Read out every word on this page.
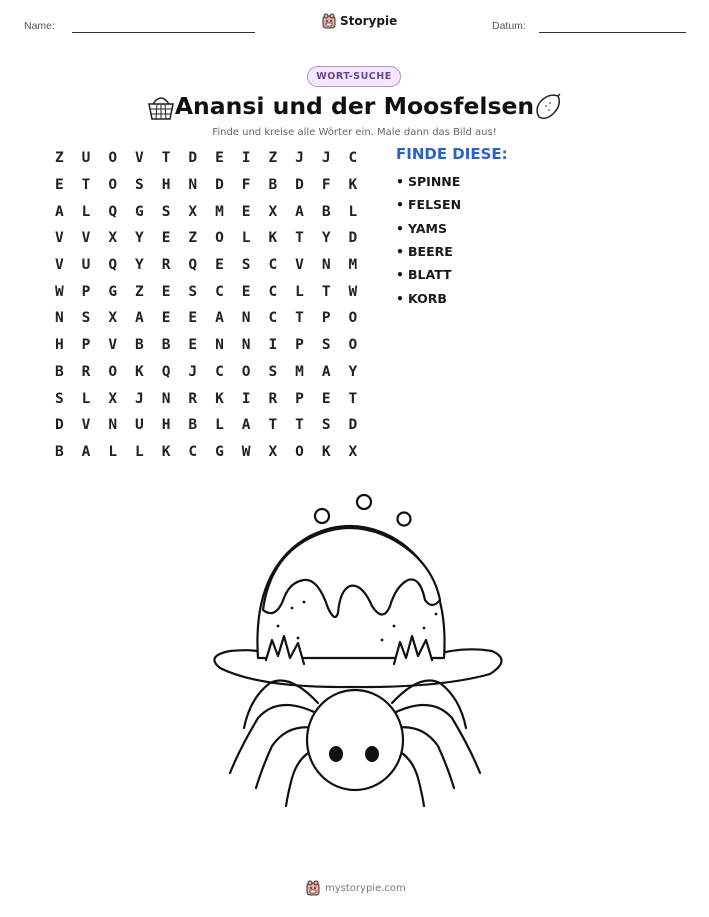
Name:	Storypie	Datum:
WORT-SUCHE
Anansi und der Moosfelsen
Finde und kreise alle Wörter ein. Male dann das Bild aus!
Z	U	O	V	T	D	E	I	Z	J	J	C
E	T	O	S	H	N	D	F	B	D	F	K
A	L	Q	G	S	X	M	E	X	A	B	L
V	V	X	Y	E	Z	O	L	K	T	Y	D
V	U	Q	Y	R	Q	E	S	C	V	N	M
W	P	G	Z	E	S	C	E	C	L	T	W
N	S	X	A	E	E	A	N	C	T	P	O
H	P	V	B	B	E	N	N	I	P	S	O
B	R	O	K	Q	J	C	O	S	M	A	Y
S	L	X	J	N	R	K	I	R	P	E	T
D	V	N	U	H	B	L	A	T	T	S	D
B	A	L	L	K	C	G	W	X	O	K	X
FINDE DIESE:
• SPINNE
• FELSEN
• YAMS
• BEERE
• BLATT
• KORB
mystorypie.com
